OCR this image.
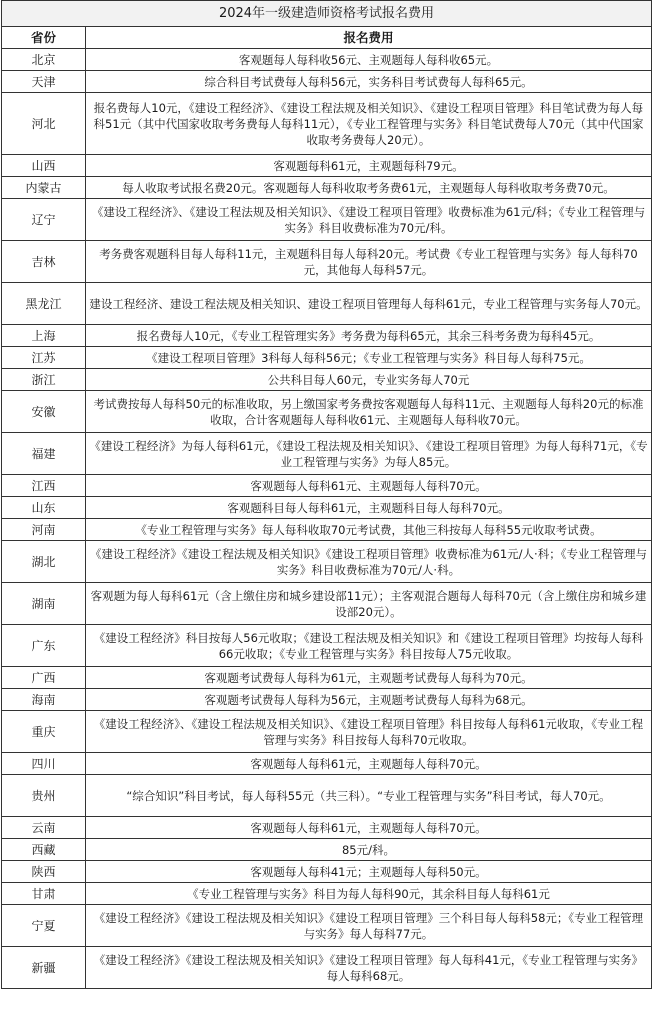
2024年一级建造师资格考试报名费用	
省份	报名费用
北京	客观题每人每科收56元、主观题每人每科收65元。
天津	综合科目考试费每人每科56元，实务科目考试费每人每科65元。
河北	报名费每人10元，《建设工程经济》、《建设工程法规及相关知识》、《建设工程项目管理》科目笔试费为每人每科51元（其中代国家收取考务费每人每科11元），《专业工程管理与实务》科目笔试费每人70元（其中代国家收取考务费每人20元）。
山西	客观题每科61元，主观题每科79元。
内蒙古	每人收取考试报名费20元。客观题每人每科收取考务费61元，主观题每人每科收取考务费70元。
辽宁	《建设工程经济》、《建设工程法规及相关知识》、《建设工程项目管理》收费标准为61元/科；《专业工程管理与实务》科目收费标准为70元/科。
吉林	考务费客观题科目每人每科11元，主观题科目每人每科20元。考试费《专业工程管理与实务》每人每科70元，其他每人每科57元。
黑龙江	建设工程经济、建设工程法规及相关知识、建设工程项目管理每人每科61元，专业工程管理与实务每人70元。
上海	报名费每人10元，《专业工程管理实务》考务费为每科65元，其余三科考务费为每科45元。
江苏	《建设工程项目管理》3科每人每科56元；《专业工程管理与实务》科目每人每科75元。
浙江	公共科目每人60元，专业实务每人70元
安徽	考试费按每人每科50元的标准收取，另上缴国家考务费按客观题每人每科11元、主观题每人每科20元的标准收取，合计客观题每人每科收61元、主观题每人每科收70元。
福建	《建设工程经济》为每人每科61元，《建设工程法规及相关知识》、《建设工程项目管理》为每人每科71元，《专业工程管理与实务》为每人85元。
江西	客观题每人每科61元、主观题每人每科70元。
山东	客观题科目每人每科61元，主观题科目每人每科70元。
河南	《专业工程管理与实务》每人每科收取70元考试费，其他三科按每人每科55元收取考试费。
湖北	《建设工程经济》《建设工程法规及相关知识》《建设工程项目管理》收费标准为61元/人·科；《专业工程管理与实务》科目收费标准为70元/人·科。
湖南	客观题为每人每科61元（含上缴住房和城乡建设部11元）；主客观混合题每人每科70元（含上缴住房和城乡建设部20元）。
广东	《建设工程经济》科目按每人56元收取；《建设工程法规及相关知识》和《建设工程项目管理》均按每人每科66元收取；《专业工程管理与实务》科目按每人75元收取。
广西	客观题考试费每人每科为61元，主观题考试费每人每科为70元。
海南	客观题考试费每人每科为56元，主观题考试费每人每科为68元。
重庆	《建设工程经济》、《建设工程法规及相关知识》、《建设工程项目管理》科目按每人每科61元收取，《专业工程管理与实务》科目按每人每科70元收取。
四川	客观题每人每科61元，主观题每人每科70元。
贵州	“综合知识”科目考试，每人每科55元（共三科）。“专业工程管理与实务”科目考试，每人70元。
云南	客观题每人每科61元，主观题每人每科70元。
西藏	85元/科。
陕西	客观题每人每科41元；主观题每人每科50元。
甘肃	《专业工程管理与实务》科目为每人每科90元，其余科目每人每科61元
宁夏	《建设工程经济》《建设工程法规及相关知识》《建设工程项目管理》三个科目每人每科58元；《专业工程管理与实务》每人每科77元。
新疆	《建设工程经济》《建设工程法规及相关知识》《建设工程项目管理》每人每科41元，《专业工程管理与实务》每人每科68元。
